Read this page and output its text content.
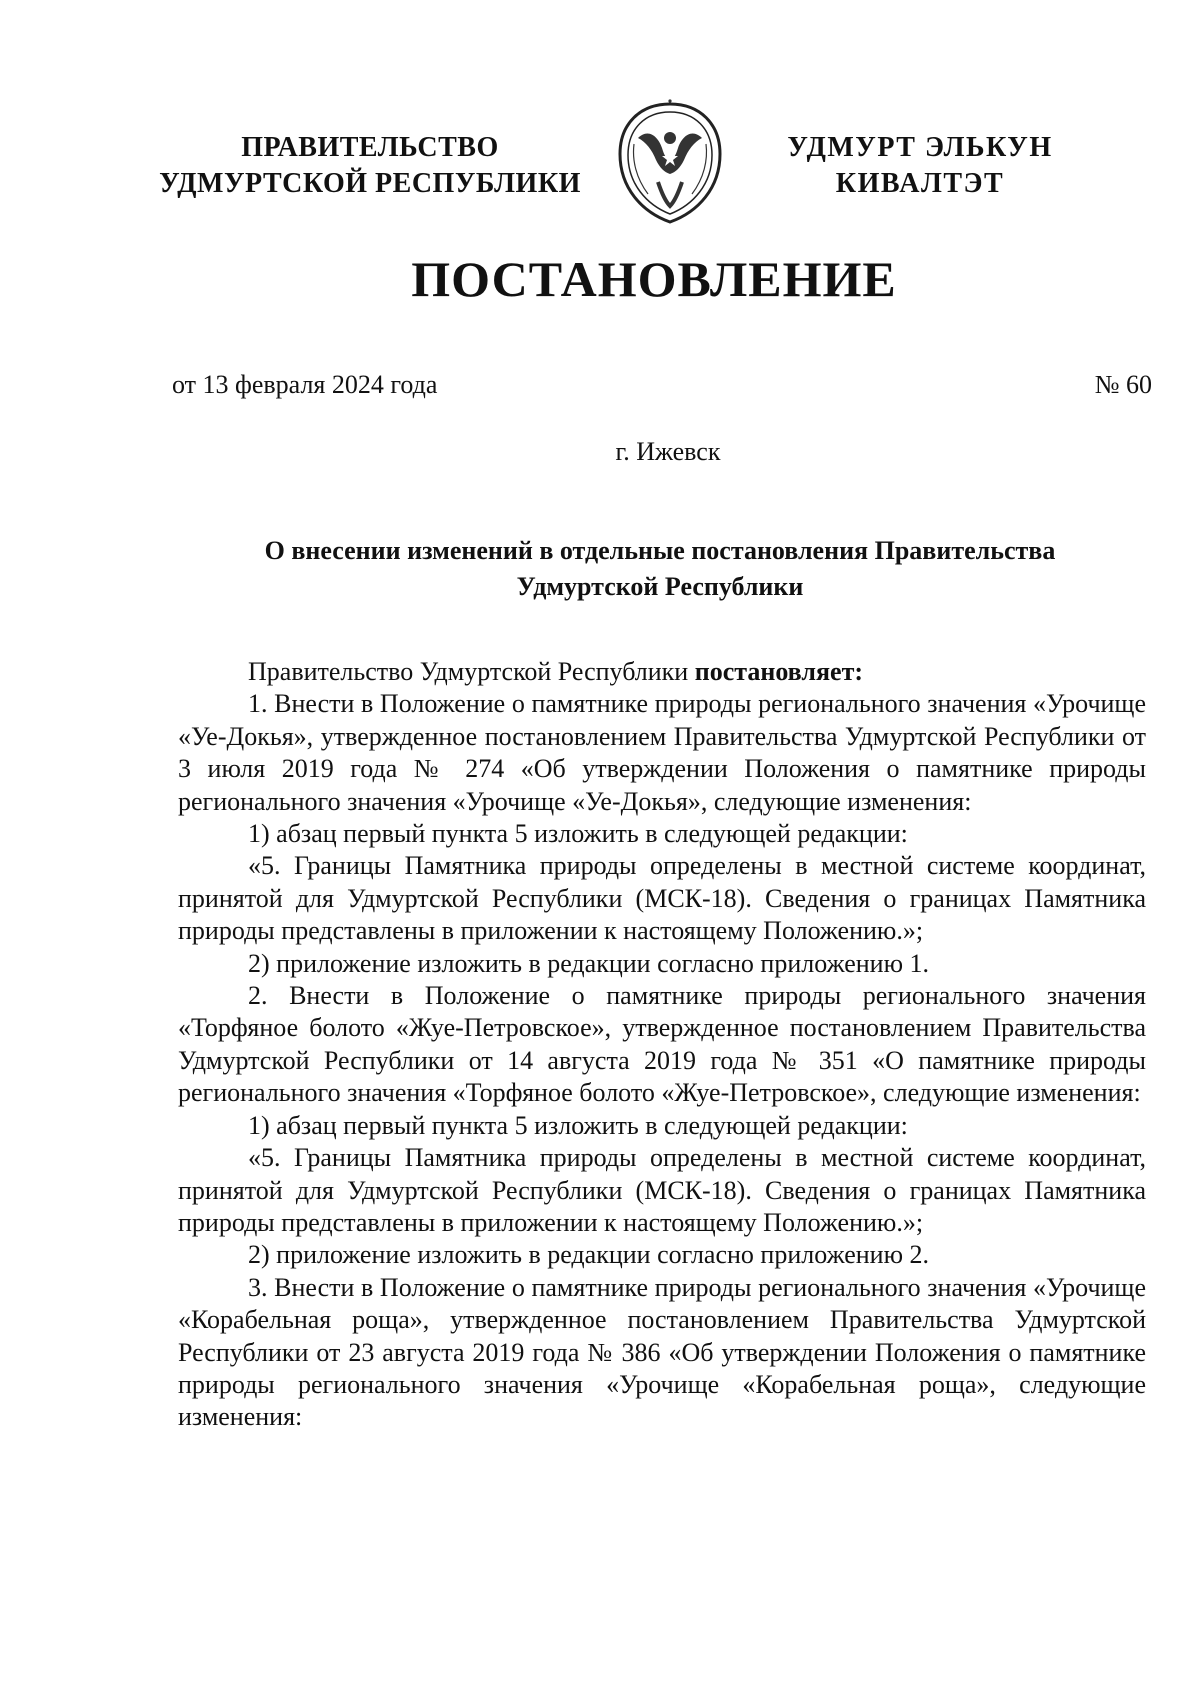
ПРАВИТЕЛЬСТВО
УДМУРТСКОЙ РЕСПУБЛИКИ
УДМУРТ ЭЛЬКУН
КИВАЛТЭТ
ПОСТАНОВЛЕНИЕ
от 13 февраля 2024 года	№ 60
г. Ижевск
О внесении изменений в отдельные постановления Правительства
Удмуртской Республики

Правительство Удмуртской Республики постановляет:

1. Внести в Положение о памятнике природы регионального значения «Урочище «Уе-Докья», утвержденное постановлением Правительства Удмуртской Республики от 3 июля 2019 года № 274 «Об утверждении Положения о памятнике природы регионального значения «Урочище «Уе-Докья», следующие изменения:

1) абзац первый пункта 5 изложить в следующей редакции:

«5. Границы Памятника природы определены в местной системе координат, принятой для Удмуртской Республики (МСК-18). Сведения о границах Памятника природы представлены в приложении к настоящему Положению.»;

2) приложение изложить в редакции согласно приложению 1.

2. Внести в Положение о памятнике природы регионального значения «Торфяное болото «Жуе-Петровское», утвержденное постановлением Правительства Удмуртской Республики от 14 августа 2019 года № 351 «О памятнике природы регионального значения «Торфяное болото «Жуе-Петровское», следующие изменения:

1) абзац первый пункта 5 изложить в следующей редакции:

«5. Границы Памятника природы определены в местной системе координат, принятой для Удмуртской Республики (МСК-18). Сведения о границах Памятника природы представлены в приложении к настоящему Положению.»;

2) приложение изложить в редакции согласно приложению 2.

3. Внести в Положение о памятнике природы регионального значения «Урочище «Корабельная роща», утвержденное постановлением Правительства Удмуртской Республики от 23 августа 2019 года № 386 «Об утверждении Положения о памятнике природы регионального значения «Урочище «Корабельная роща», следующие изменения:
